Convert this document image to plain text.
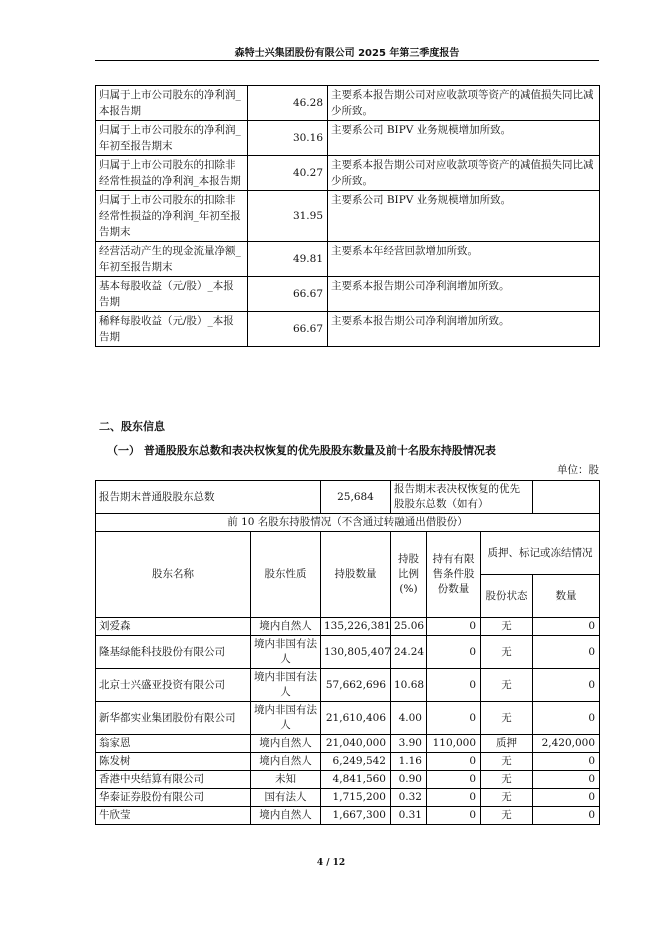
森特士兴集团股份有限公司 2025 年第三季度报告
归属于上市公司股东的净利润_本报告期	46.28	主要系本报告期公司对应收款项等资产的减值损失同比减少所致。
归属于上市公司股东的净利润_年初至报告期末	30.16	主要系公司 BIPV 业务规模增加所致。
归属于上市公司股东的扣除非经常性损益的净利润_本报告期	40.27	主要系本报告期公司对应收款项等资产的减值损失同比减少所致。
归属于上市公司股东的扣除非经常性损益的净利润_年初至报告期末	31.95	主要系公司 BIPV 业务规模增加所致。
经营活动产生的现金流量净额_年初至报告期末	49.81	主要系本年经营回款增加所致。
基本每股收益（元/股）_本报告期	66.67	主要系本报告期公司净利润增加所致。
稀释每股收益（元/股）_本报告期	66.67	主要系本报告期公司净利润增加所致。
二、股东信息
（一） 普通股股东总数和表决权恢复的优先股股东数量及前十名股东持股情况表
单位：股
报告期末普通股股东总数		25,684	报告期末表决权恢复的优先股股东总数（如有）			
前 10 名股东持股情况（不含通过转融通出借股份）						
股东名称	股东性质	持股数量	持股比例(%)	持有有限售条件股份数量	质押、标记或冻结情况	
					股份状态	数量
刘爱森	境内自然人	135,226,381	25.06	0	无	0
隆基绿能科技股份有限公司	境内非国有法人	130,805,407	24.24	0	无	0
北京士兴盛亚投资有限公司	境内非国有法人	57,662,696	10.68	0	无	0
新华都实业集团股份有限公司	境内非国有法人	21,610,406	4.00	0	无	0
翁家恩	境内自然人	21,040,000	3.90	110,000	质押	2,420,000
陈发树	境内自然人	6,249,542	1.16	0	无	0
香港中央结算有限公司	未知	4,841,560	0.90	0	无	0
华泰证券股份有限公司	国有法人	1,715,200	0.32	0	无	0
牛欣莹	境内自然人	1,667,300	0.31	0	无	0
4 / 12
